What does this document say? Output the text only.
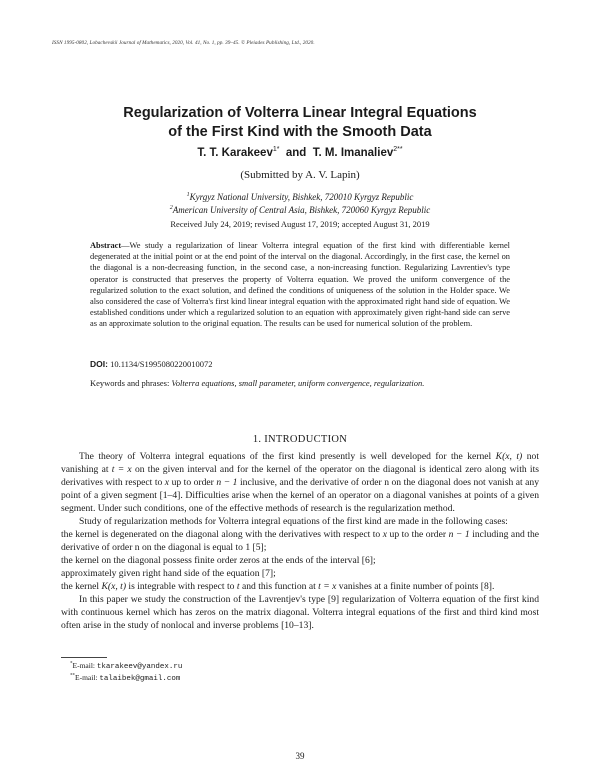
ISSN 1995-0802, Lobachevskii Journal of Mathematics, 2020, Vol. 41, No. 1, pp. 39–45. © Pleiades Publishing, Ltd., 2020.
Regularization of Volterra Linear Integral Equations
of the First Kind with the Smooth Data
T. T. Karakeev$^{1*}$ and T. M. Imanaliev$^{2**}$
(Submitted by A. V. Lapin)
$^1$Kyrgyz National University, Bishkek, 720010 Kyrgyz Republic
$^2$American University of Central Asia, Bishkek, 720060 Kyrgyz Republic
Received July 24, 2019; revised August 17, 2019; accepted August 31, 2019
Abstract—We study a regularization of linear Volterra integral equation of the first kind with differentiable kernel degenerated at the initial point or at the end point of the interval on the diagonal. Accordingly, in the first case, the kernel on the diagonal is a non-decreasing function, in the second case, a non-increasing function. Regularizing Lavrentiev's type operator is constructed that preserves the property of Volterra equation. We proved the uniform convergence of the regularized solution to the exact solution, and defined the conditions of uniqueness of the solution in the Holder space. We also considered the case of Volterra's first kind linear integral equation with the approximated right hand side of equation. We established conditions under which a regularized solution to an equation with approximately given right-hand side can serve as an approximate solution to the original equation. The results can be used for numerical solution of the problem.
DOI: 10.1134/S1995080220010072
Keywords and phrases: Volterra equations, small parameter, uniform convergence, regularization.
1. INTRODUCTION

The theory of Volterra integral equations of the first kind presently is well developed for the kernel K(x, t) not vanishing at t = x on the given interval and for the kernel of the operator on the diagonal is identical zero along with its derivatives with respect to x up to order n − 1 inclusive, and the derivative of order n on the diagonal does not vanish at any point of a given segment [1–4]. Difficulties arise when the kernel of an operator on a diagonal vanishes at points of a given segment. Under such conditions, one of the effective methods of research is the regularization method.

Study of regularization methods for Volterra integral equations of the first kind are made in the following cases:

the kernel is degenerated on the diagonal along with the derivatives with respect to x up to the order n − 1 including and the derivative of order n on the diagonal is equal to 1 [5];

the kernel on the diagonal possess finite order zeros at the ends of the interval [6];

approximately given right hand side of the equation [7];

the kernel K(x, t) is integrable with respect to t and this function at t = x vanishes at a finite number of points [8].

In this paper we study the construction of the Lavrentjev's type [9] regularization of Volterra equation of the first kind with continuous kernel which has zeros on the matrix diagonal. Volterra integral equations of the first and third kind most often arise in the study of nonlocal and inverse problems [10–13].

*E-mail: tkarakeev@yandex.ru
**E-mail: talaibek@gmail.com
39
